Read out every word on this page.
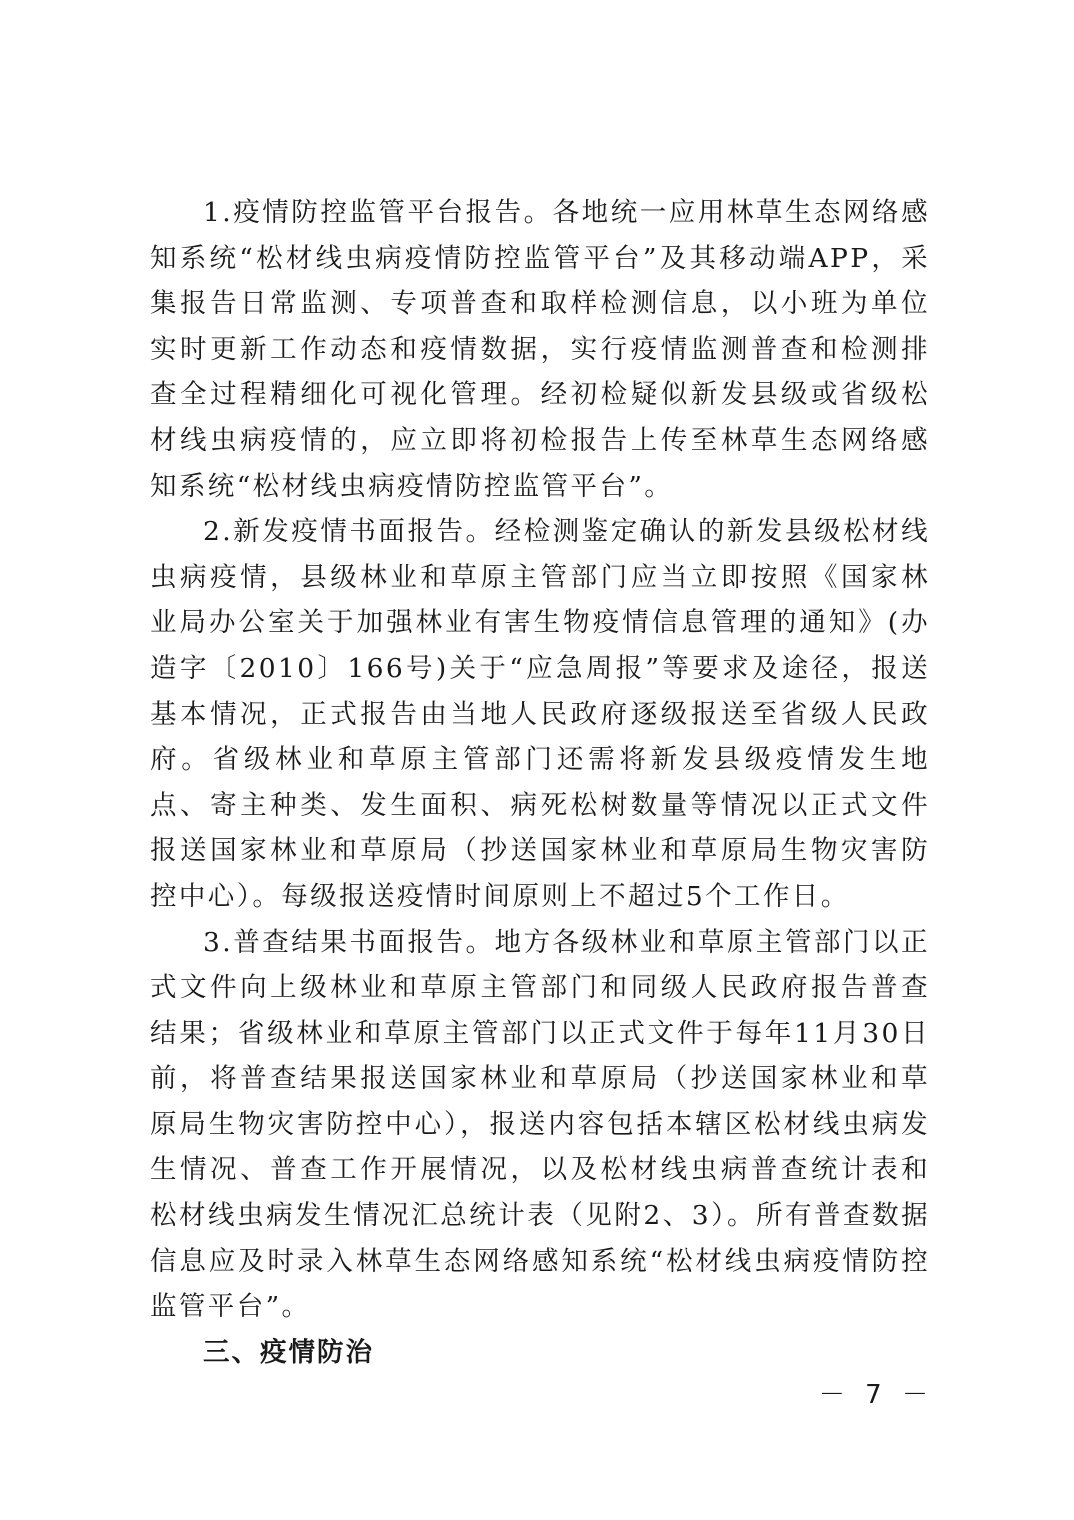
1.疫情防控监管平台报告。各地统一应用林草生态网络感知系统“松材线虫病疫情防控监管平台”及其移动端APP，采集报告日常监测、专项普查和取样检测信息，以小班为单位实时更新工作动态和疫情数据，实行疫情监测普查和检测排查全过程精细化可视化管理。经初检疑似新发县级或省级松材线虫病疫情的，应立即将初检报告上传至林草生态网络感知系统“松材线虫病疫情防控监管平台”。

2.新发疫情书面报告。经检测鉴定确认的新发县级松材线虫病疫情，县级林业和草原主管部门应当立即按照《国家林业局办公室关于加强林业有害生物疫情信息管理的通知》(办造字〔2010〕166号)关于“应急周报”等要求及途径，报送基本情况，正式报告由当地人民政府逐级报送至省级人民政府。省级林业和草原主管部门还需将新发县级疫情发生地点、寄主种类、发生面积、病死松树数量等情况以正式文件报送国家林业和草原局（抄送国家林业和草原局生物灾害防控中心）。每级报送疫情时间原则上不超过5个工作日。

3.普查结果书面报告。地方各级林业和草原主管部门以正式文件向上级林业和草原主管部门和同级人民政府报告普查结果；省级林业和草原主管部门以正式文件于每年11月30日前，将普查结果报送国家林业和草原局（抄送国家林业和草原局生物灾害防控中心），报送内容包括本辖区松材线虫病发生情况、普查工作开展情况，以及松材线虫病普查统计表和松材线虫病发生情况汇总统计表（见附2、3）。所有普查数据信息应及时录入林草生态网络感知系统“松材线虫病疫情防控监管平台”。

三、疫情防治

－ 7 －
